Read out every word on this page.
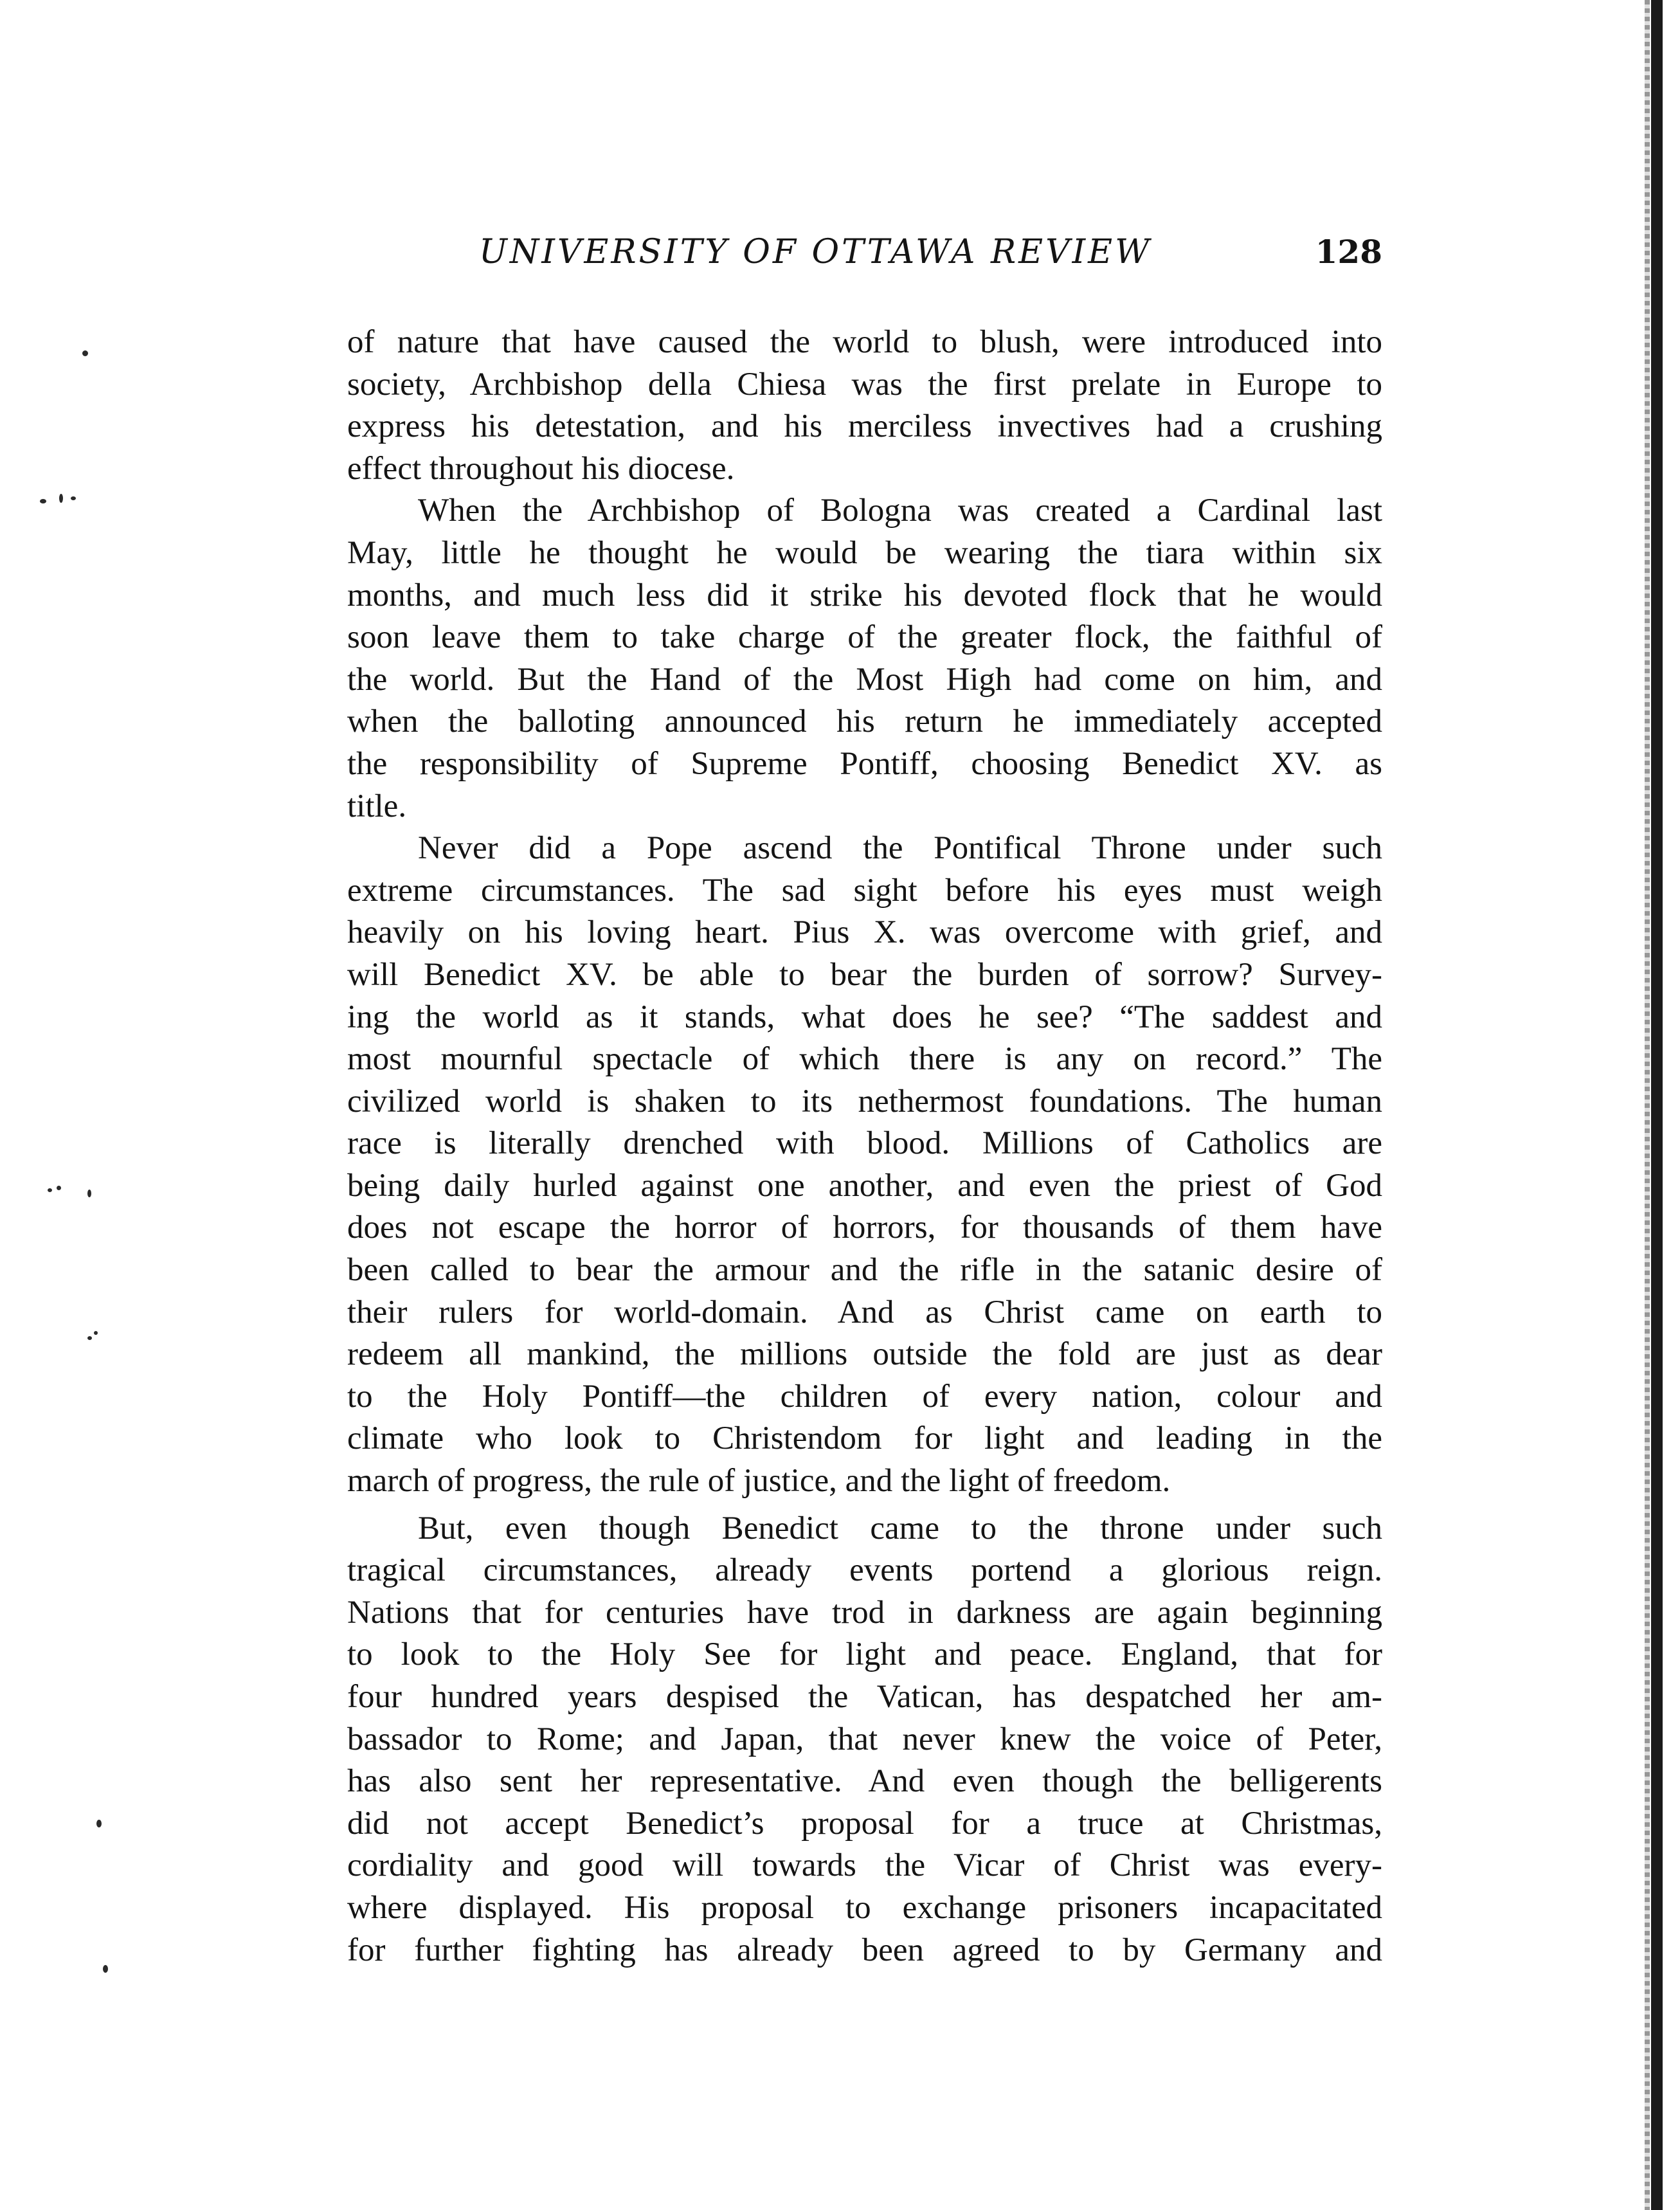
UNIVERSITY OF OTTAWA REVIEW	128
of nature that have caused the world to blush, were introduced into
society, Archbishop della Chiesa was the first prelate in Europe to
express his detestation, and his merciless invectives had a crushing
effect throughout his diocese.
When the Archbishop of Bologna was created a Cardinal last
May, little he thought he would be wearing the tiara within six
months, and much less did it strike his devoted flock that he would
soon leave them to take charge of the greater flock, the faithful of
the world. But the Hand of the Most High had come on him, and
when the balloting announced his return he immediately accepted
the responsibility of Supreme Pontiff, choosing Benedict XV. as
title.
Never did a Pope ascend the Pontifical Throne under such
extreme circumstances. The sad sight before his eyes must weigh
heavily on his loving heart. Pius X. was overcome with grief, and
will Benedict XV. be able to bear the burden of sorrow? Survey-
ing the world as it stands, what does he see? “The saddest and
most mournful spectacle of which there is any on record.” The
civilized world is shaken to its nethermost foundations. The human
race is literally drenched with blood. Millions of Catholics are
being daily hurled against one another, and even the priest of God
does not escape the horror of horrors, for thousands of them have
been called to bear the armour and the rifle in the satanic desire of
their rulers for world-domain. And as Christ came on earth to
redeem all mankind, the millions outside the fold are just as dear
to the Holy Pontiff—the children of every nation, colour and
climate who look to Christendom for light and leading in the
march of progress, the rule of justice, and the light of freedom.
But, even though Benedict came to the throne under such
tragical circumstances, already events portend a glorious reign.
Nations that for centuries have trod in darkness are again beginning
to look to the Holy See for light and peace. England, that for
four hundred years despised the Vatican, has despatched her am-
bassador to Rome; and Japan, that never knew the voice of Peter,
has also sent her representative. And even though the belligerents
did not accept Benedict’s proposal for a truce at Christmas,
cordiality and good will towards the Vicar of Christ was every-
where displayed. His proposal to exchange prisoners incapacitated
for further fighting has already been agreed to by Germany and
